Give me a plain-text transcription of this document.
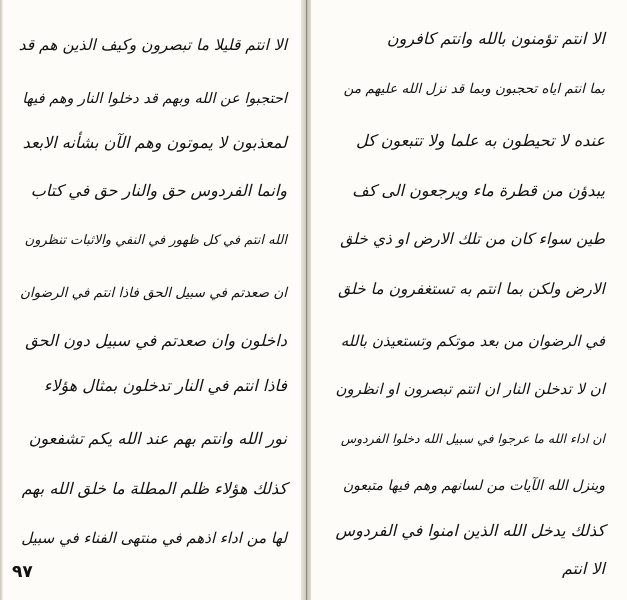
الا انتم قليلا ما تبصرون وكيف الذين هم قد
احتجبوا عن الله وبهم قد دخلوا النار وهم فيها
لمعذبون لا يموتون وهم الآن بشأنه الابعد
وانما الفردوس حق والنار حق في كتاب
الله انتم في كل ظهور في النفي والاثبات تنظرون
ان صعدتم في سبيل الحق فاذا انتم في الرضوان
داخلون وان صعدتم في سبيل دون الحق
فاذا انتم في النار تدخلون بمثال هؤلاء
نور الله وانتم بهم عند الله يكم تشفعون
كذلك هؤلاء ظلم المطلة ما خلق الله بهم
لها من اداء اذهم في منتهى الفناء في سبيل
٩٧
الا انتم تؤمنون بالله وانتم كافرون
بما انتم اياه تحجبون وبما قد نزل الله عليهم من
عنده لا تحيطون به علما ولا تتبعون كل
يبدؤن من قطرة ماء ويرجعون الى كف
طين سواء كان من تلك الارض او ذي خلق
الارض ولكن بما انتم به تستغفرون ما خلق
في الرضوان من بعد موتكم وتستعيذن بالله
ان لا تدخلن النار ان انتم تبصرون او انظرون
ان اداء الله ما عرجوا في سبيل الله دخلوا الفردوس
وينزل الله الآيات من لسانهم وهم فيها متبعون
كذلك يدخل الله الذين امنوا في الفردوس
الا انتم
